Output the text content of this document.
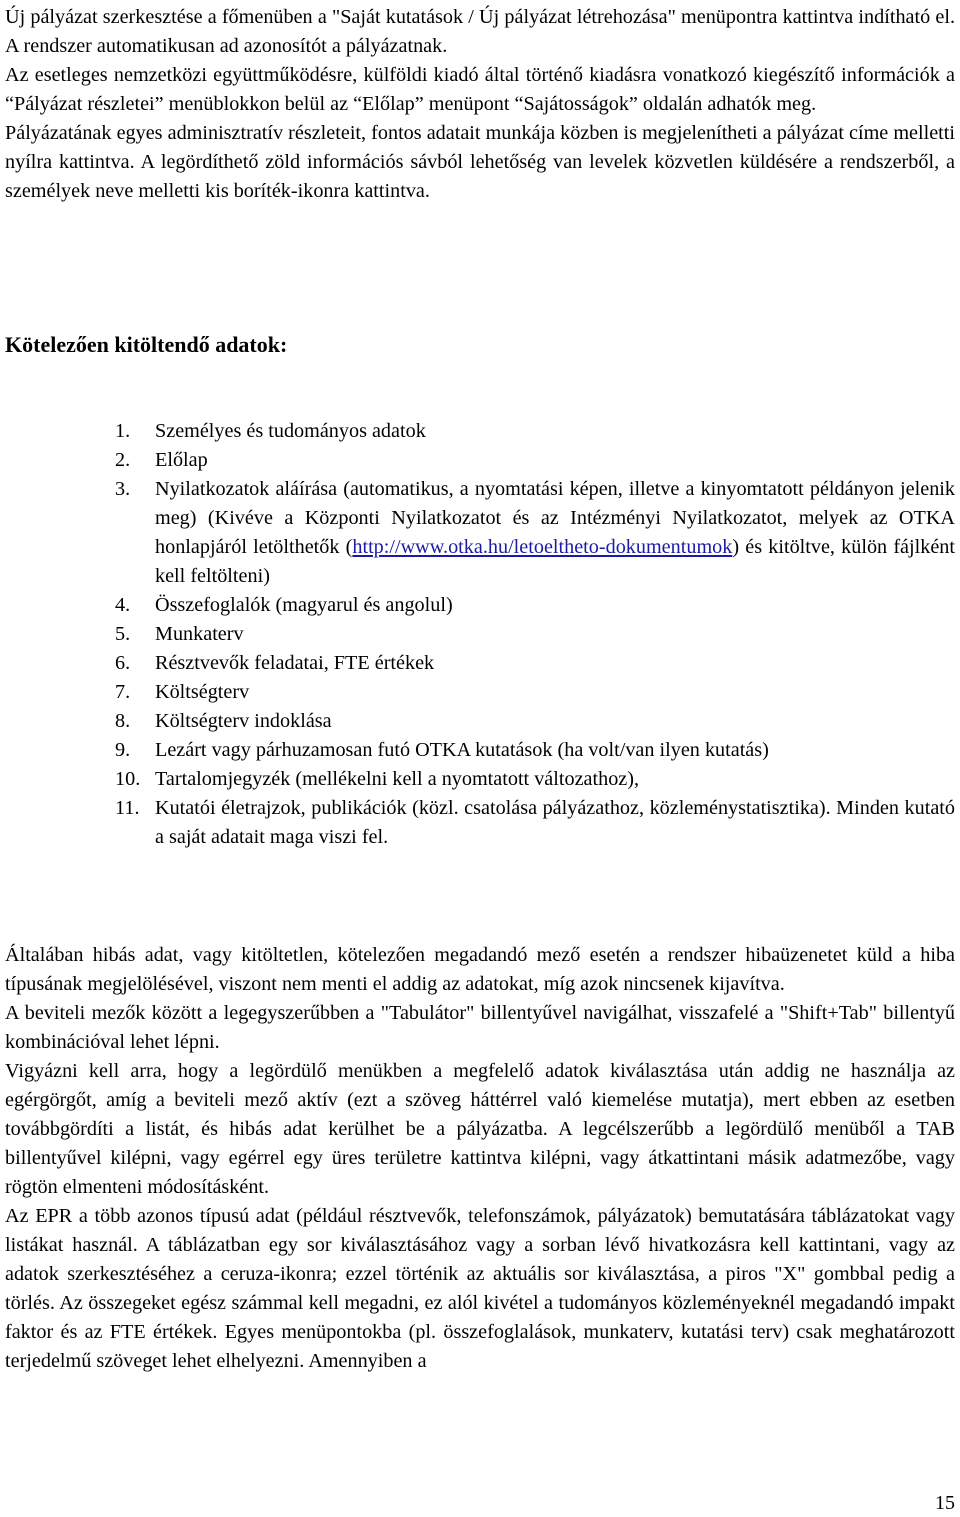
Új pályázat szerkesztése a főmenüben a "Saját kutatások / Új pályázat létrehozása" menüpontra kattintva indítható el. A rendszer automatikusan ad azonosítót a pályázatnak.

Az esetleges nemzetközi együttműködésre, külföldi kiadó által történő kiadásra vonatkozó kiegészítő információk a “Pályázat részletei” menüblokkon belül az “Előlap” menüpont “Sajátosságok” oldalán adhatók meg.

Pályázatának egyes adminisztratív részleteit, fontos adatait munkája közben is megjelenítheti a pályázat címe melletti nyílra kattintva. A legördíthető zöld információs sávból lehetőség van levelek közvetlen küldésére a rendszerből, a személyek neve melletti kis boríték-ikonra kattintva.

Kötelezően kitöltendő adatok:
1.	Személyes és tudományos adatok
2.	Előlap
3.	Nyilatkozatok aláírása (automatikus, a nyomtatási képen, illetve a kinyomtatott példányon jelenik meg) (Kivéve a Központi Nyilatkozatot és az Intézményi Nyilatkozatot, melyek az OTKA honlapjáról letölthetők (http://www.otka.hu/letoeltheto-dokumentumok) és kitöltve, külön fájlként kell feltölteni)
4.	Összefoglalók (magyarul és angolul)
5.	Munkaterv
6.	Résztvevők feladatai, FTE értékek
7.	Költségterv
8.	Költségterv indoklása
9.	Lezárt vagy párhuzamosan futó OTKA kutatások (ha volt/van ilyen kutatás)
10. Tartalomjegyzék (mellékelni kell a nyomtatott változathoz),
11. Kutatói életrajzok, publikációk (közl. csatolása pályázathoz, közleménystatisztika). Minden kutató a saját adatait maga viszi fel.

Általában hibás adat, vagy kitöltetlen, kötelezően megadandó mező esetén a rendszer hibaüzenetet küld a hiba típusának megjelölésével, viszont nem menti el addig az adatokat, míg azok nincsenek kijavítva.

A beviteli mezők között a legegyszerűbben a "Tabulátor" billentyűvel navigálhat, visszafelé a "Shift+Tab" billentyű kombinációval lehet lépni.

Vigyázni kell arra, hogy a legördülő menükben a megfelelő adatok kiválasztása után addig ne használja az egérgörgőt, amíg a beviteli mező aktív (ezt a szöveg háttérrel való kiemelése mutatja), mert ebben az esetben továbbgördíti a listát, és hibás adat kerülhet be a pályázatba. A legcélszerűbb a legördülő menüből a TAB billentyűvel kilépni, vagy egérrel egy üres területre kattintva kilépni, vagy átkattintani másik adatmezőbe, vagy rögtön elmenteni módosításként.

Az EPR a több azonos típusú adat (például résztvevők, telefonszámok, pályázatok) bemutatására táblázatokat vagy listákat használ. A táblázatban egy sor kiválasztásához vagy a sorban lévő hivatkozásra kell kattintani, vagy az adatok szerkesztéséhez a ceruza-ikonra; ezzel történik az aktuális sor kiválasztása, a piros "X" gombbal pedig a törlés. Az összegeket egész számmal kell megadni, ez alól kivétel a tudományos közleményeknél megadandó impakt faktor és az FTE értékek. Egyes menüpontokba (pl. összefoglalások, munkaterv, kutatási terv) csak meghatározott terjedelmű szöveget lehet elhelyezni. Amennyiben a

15
